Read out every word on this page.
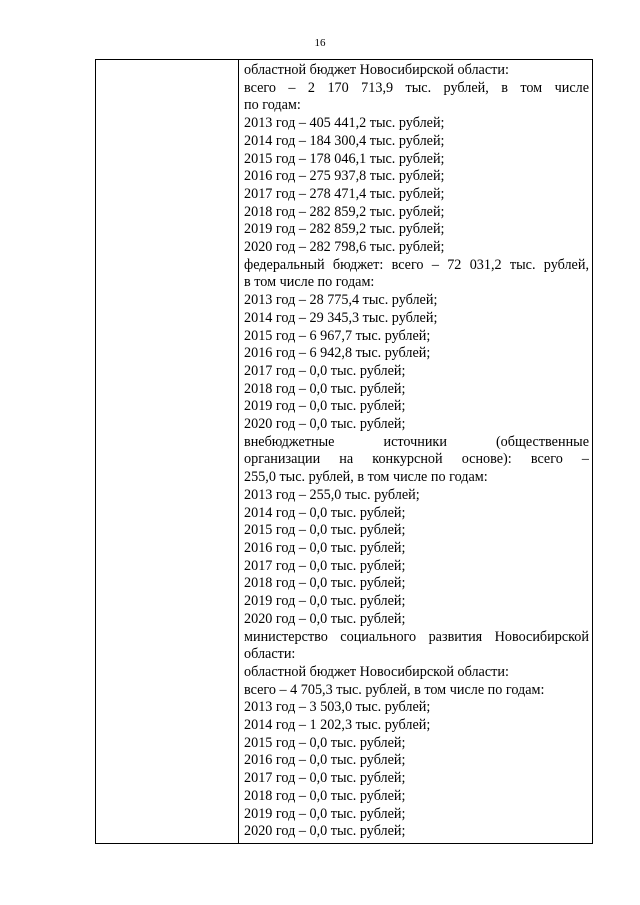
16
областной бюджет Новосибирской области:
всего – 2 170 713,9 тыс. рублей, в том числе
по годам:
2013 год – 405 441,2 тыс. рублей;
2014 год – 184 300,4 тыс. рублей;
2015 год – 178 046,1 тыс. рублей;
2016 год – 275 937,8 тыс. рублей;
2017 год – 278 471,4 тыс. рублей;
2018 год – 282 859,2 тыс. рублей;
2019 год – 282 859,2 тыс. рублей;
2020 год – 282 798,6 тыс. рублей;
федеральный бюджет: всего – 72 031,2 тыс. рублей,
в том числе по годам:
2013 год – 28 775,4 тыс. рублей;
2014 год – 29 345,3 тыс. рублей;
2015 год – 6 967,7 тыс. рублей;
2016 год – 6 942,8 тыс. рублей;
2017 год – 0,0 тыс. рублей;
2018 год – 0,0 тыс. рублей;
2019 год – 0,0 тыс. рублей;
2020 год – 0,0 тыс. рублей;
внебюджетные источники (общественные
организации на конкурсной основе): всего –
255,0 тыс. рублей, в том числе по годам:
2013 год – 255,0 тыс. рублей;
2014 год – 0,0 тыс. рублей;
2015 год – 0,0 тыс. рублей;
2016 год – 0,0 тыс. рублей;
2017 год – 0,0 тыс. рублей;
2018 год – 0,0 тыс. рублей;
2019 год – 0,0 тыс. рублей;
2020 год – 0,0 тыс. рублей;
министерство социального развития Новосибирской
области:
областной бюджет Новосибирской области:
всего – 4 705,3 тыс. рублей, в том числе по годам:
2013 год – 3 503,0 тыс. рублей;
2014 год – 1 202,3 тыс. рублей;
2015 год – 0,0 тыс. рублей;
2016 год – 0,0 тыс. рублей;
2017 год – 0,0 тыс. рублей;
2018 год – 0,0 тыс. рублей;
2019 год – 0,0 тыс. рублей;
2020 год – 0,0 тыс. рублей;
